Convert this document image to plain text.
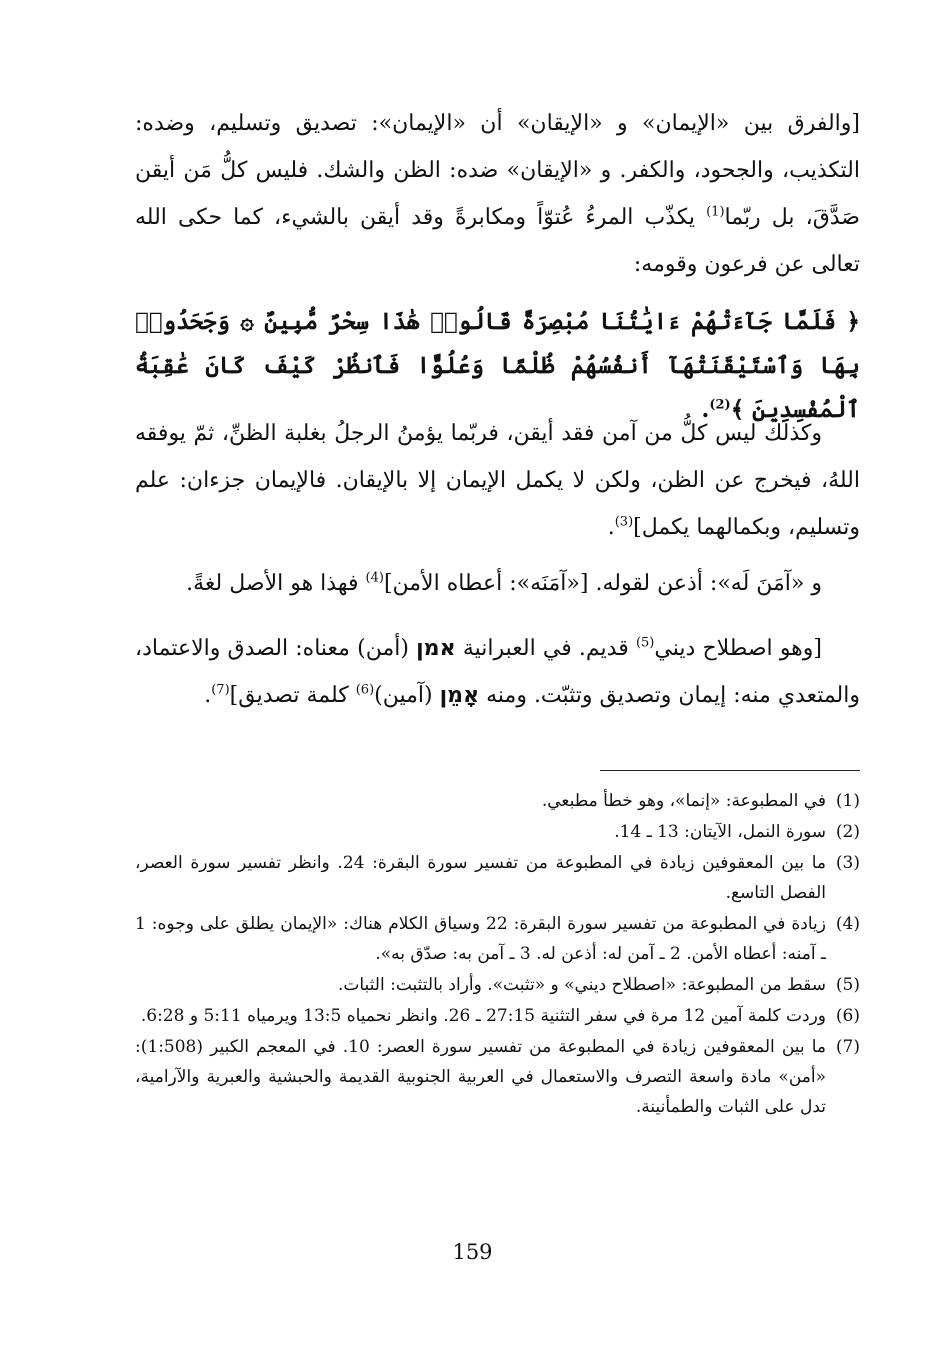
[والفرق بين «الإيمان» و «الإيقان» أن «الإيمان»: تصديق وتسليم، وضده: التكذيب، والجحود، والكفر. و «الإيقان» ضده: الظن والشك. فليس كلُّ مَن أيقن صَدَّقَ، بل ربّما$^{(1)}$ يكذّب المرءُ عُتوّاً ومكابرةً وقد أيقن بالشيء، كما حكى الله تعالى عن فرعون وقومه:

﴿ فَلَمَّا جَآءَتْهُمْ ءَايَٰتُنَا مُبْصِرَةً قَالُوا۟ هَٰذَا سِحْرٌ مُّبِينٌ ۞ وَجَحَدُوا۟ بِهَا وَٱسْتَيْقَنَتْهَآ أَنفُسُهُمْ ظُلْمًا وَعُلُوًّا فَٱنظُرْ كَيْفَ كَانَ عَٰقِبَةُ ٱلْمُفْسِدِينَ ﴾$^{(2)}$.

وكذلك ليس كلُّ من آمن فقد أيقن، فربّما يؤمنُ الرجلُ بغلبة الظنِّ، ثمّ يوفقه اللهُ، فيخرج عن الظن، ولكن لا يكمل الإيمان إلا بالإيقان. فالإيمان جزءان: علم وتسليم، وبكمالهما يكمل]$^{(3)}$.

و «آمَنَ لَه»: أذعن لقوله. [«آمَنَه»: أعطاه الأمن]$^{(4)}$ فهذا هو الأصل لغةً.

[وهو اصطلاح ديني$^{(5)}$ قديم. في العبرانية אמן (أمن) معناه: الصدق والاعتماد، والمتعدي منه: إيمان وتصديق وتثبّت. ومنه אָמֵן (آمين)$^{(6)}$ كلمة تصديق]$^{(7)}$.

(1)
في المطبوعة: «إنما»، وهو خطأ مطبعي.
(2)
سورة النمل، الآيتان: 13 ـ 14.
(3)
ما بين المعقوفين زيادة في المطبوعة من تفسير سورة البقرة: 24. وانظر تفسير سورة العصر، الفصل التاسع.
(4)
زيادة في المطبوعة من تفسير سورة البقرة: 22 وسياق الكلام هناك: «الإيمان يطلق على وجوه: 1 ـ آمنه: أعطاه الأمن. 2 ـ آمن له: أذعن له. 3 ـ آمن به: صدّق به».
(5)
سقط من المطبوعة: «اصطلاح ديني» و «تثبت». وأراد بالتثبت: الثبات.
(6)
وردت كلمة آمين 12 مرة في سفر التثنية 27:15 ـ 26. وانظر نحمياه 13:5 ويرمياه 5:11 و 6:28.
(7)
ما بين المعقوفين زيادة في المطبوعة من تفسير سورة العصر: 10. في المعجم الكبير (1:508): «أمن» مادة واسعة التصرف والاستعمال في العربية الجنوبية القديمة والحبشية والعبرية والآرامية، تدل على الثبات والطمأنينة.
159
